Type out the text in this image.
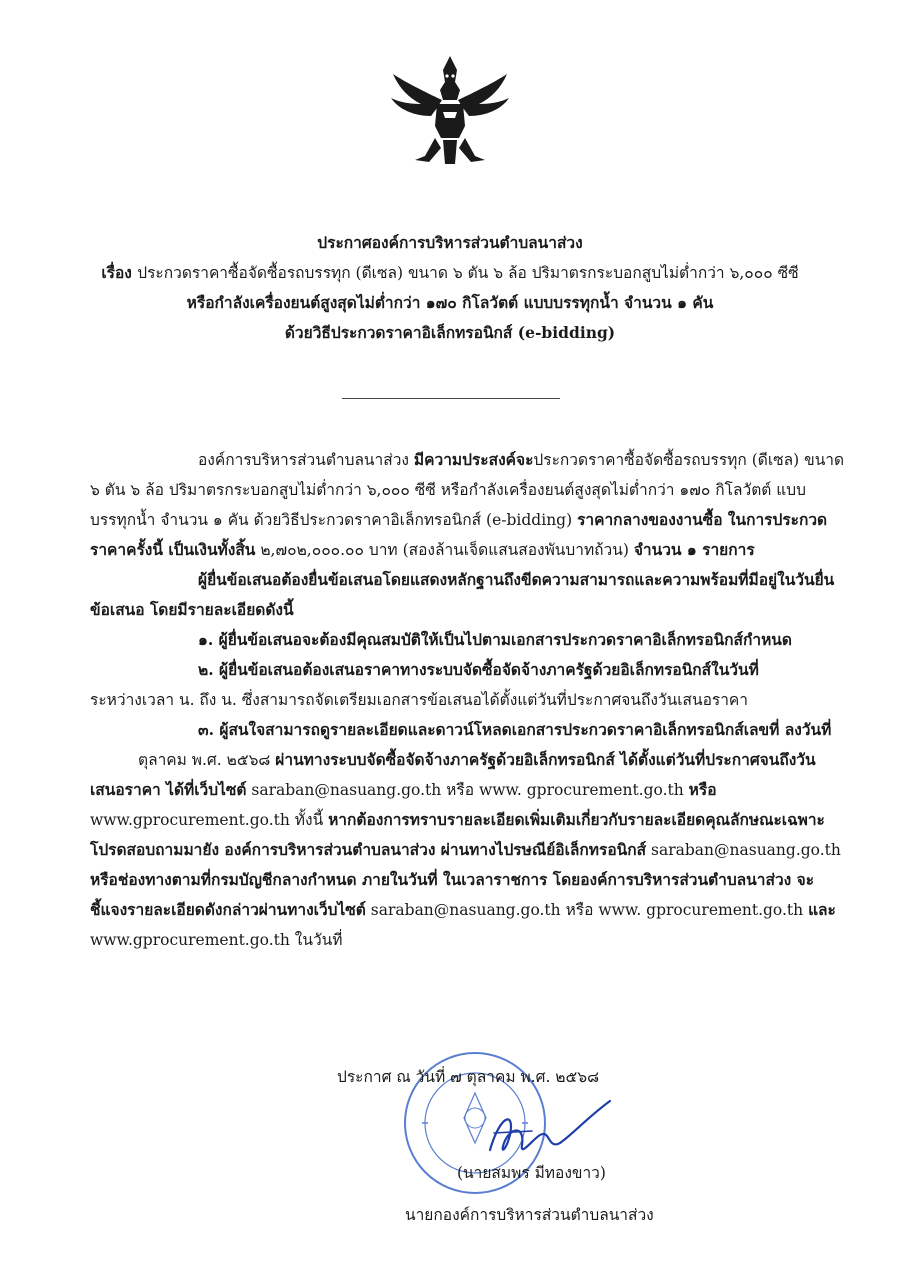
ประกาศองค์การบริหารส่วนตำบลนาส่วง
เรื่อง ประกวดราคาซื้อจัดซื้อรถบรรทุก (ดีเซล) ขนาด ๖ ตัน ๖ ล้อ ปริมาตรกระบอกสูบไม่ต่ำกว่า ๖,๐๐๐ ซีซี
หรือกำลังเครื่องยนต์สูงสุดไม่ต่ำกว่า ๑๗๐ กิโลวัตต์ แบบบรรทุกน้ำ จำนวน ๑ คัน
ด้วยวิธีประกวดราคาอิเล็กทรอนิกส์ (e-bidding)

องค์การบริหารส่วนตำบลนาส่วง มีความประสงค์จะประกวดราคาซื้อจัดซื้อรถบรรทุก (ดีเซล) ขนาด

๖ ตัน ๖ ล้อ ปริมาตรกระบอกสูบไม่ต่ำกว่า ๖,๐๐๐ ซีซี หรือกำลังเครื่องยนต์สูงสุดไม่ต่ำกว่า ๑๗๐ กิโลวัตต์ แบบ

บรรทุกน้ำ จำนวน ๑ คัน ด้วยวิธีประกวดราคาอิเล็กทรอนิกส์ (e-bidding) ราคากลางของงานซื้อ ในการประกวด

ราคาครั้งนี้ เป็นเงินทั้งสิ้น ๒,๗๐๒,๐๐๐.๐๐ บาท (สองล้านเจ็ดแสนสองพันบาทถ้วน) จำนวน ๑ รายการ

ผู้ยื่นข้อเสนอต้องยื่นข้อเสนอโดยแสดงหลักฐานถึงขีดความสามารถและความพร้อมที่มีอยู่ในวันยื่น

ข้อเสนอ โดยมีรายละเอียดดังนี้

๑. ผู้ยื่นข้อเสนอจะต้องมีคุณสมบัติให้เป็นไปตามเอกสารประกวดราคาอิเล็กทรอนิกส์กำหนด

๒. ผู้ยื่นข้อเสนอต้องเสนอราคาทางระบบจัดซื้อจัดจ้างภาครัฐด้วยอิเล็กทรอนิกส์ในวันที่

ระหว่างเวลา น. ถึง น. ซึ่งสามารถจัดเตรียมเอกสารข้อเสนอได้ตั้งแต่วันที่ประกาศจนถึงวันเสนอราคา

๓. ผู้สนใจสามารถดูรายละเอียดและดาวน์โหลดเอกสารประกวดราคาอิเล็กทรอนิกส์เลขที่ ลงวันที่

ตุลาคม พ.ศ. ๒๕๖๘ ผ่านทางระบบจัดซื้อจัดจ้างภาครัฐด้วยอิเล็กทรอนิกส์ ได้ตั้งแต่วันที่ประกาศจนถึงวัน

เสนอราคา ได้ที่เว็บไซต์ saraban@nasuang.go.th หรือ www. gprocurement.go.th หรือ

www.gprocurement.go.th ทั้งนี้ หากต้องการทราบรายละเอียดเพิ่มเติมเกี่ยวกับรายละเอียดคุณลักษณะเฉพาะ

โปรดสอบถามมายัง องค์การบริหารส่วนตำบลนาส่วง ผ่านทางไปรษณีย์อิเล็กทรอนิกส์ saraban@nasuang.go.th

หรือช่องทางตามที่กรมบัญชีกลางกำหนด ภายในวันที่ ในเวลาราชการ โดยองค์การบริหารส่วนตำบลนาส่วง จะ

ชี้แจงรายละเอียดดังกล่าวผ่านทางเว็บไซต์ saraban@nasuang.go.th หรือ www. gprocurement.go.th และ

www.gprocurement.go.th ในวันที่

ประกาศ ณ วันที่ ๗ ตุลาคม พ.ศ. ๒๕๖๘
(นายสมพร มีทองขาว)
นายกองค์การบริหารส่วนตำบลนาส่วง
